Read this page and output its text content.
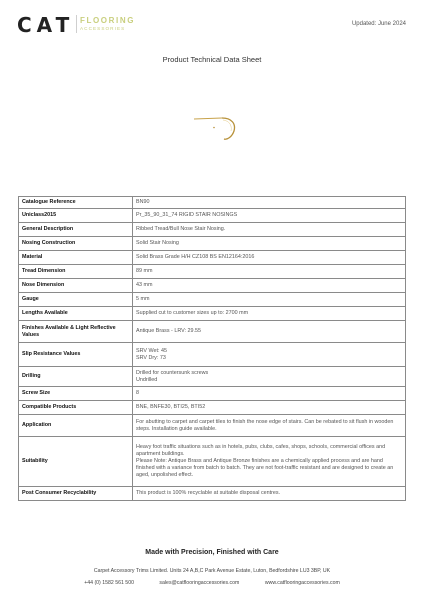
CAT FLOORING
ACCESSORIES
Updated: June 2024
Product Technical Data Sheet
Catalogue Reference	BN90

Uniclass2015	Pr_35_90_31_74 RIGID STAIR NOSINGS

General Description	Ribbed Tread/Bull Nose Stair Nosing.

Nosing Construction	Solid Stair Nosing

Material	Solid Brass Grade H/H CZ108 BS EN12164:2016

Tread Dimension	89 mm

Nose Dimension	43 mm

Gauge	5 mm

Lengths Available	Supplied cut to customer sizes up to: 2700 mm

Finishes Available & Light Reflective Values	Antique Brass - LRV: 29.55

Slip Resistance Values	SRV Wet: 45
SRV Dry: 73

Drilling	Drilled for countersunk screws
Undrilled

Screw Size	8

Compatible Products	BNE, BNFE30, BTI25, BTI52

Application	For abutting to carpet and carpet tiles to finish the nose edge of stairs. Can be rebated to sit flush in wooden steps. Installation guide available.

Suitability	Heavy foot traffic situations such as in hotels, pubs, clubs, cafes, shops, schools, commercial offices and apartment buildings.
Please Note: Antique Brass and Antique Bronze finishes are a chemically applied process and are hand finished with a variance from batch to batch. They are not foot-traffic resistant and are designed to create an aged, unpolished effect.

Post Consumer Recyclability	This product is 100% recyclable at suitable disposal centres.
Made with Precision, Finished with Care
Carpet Accessory Trims Limited. Units 24 A,B,C Park Avenue Estate, Luton, Bedfordshire LU3 3BP, UK
+44 (0) 1582 561 500	sales@catflooringaccessories.com	www.catflooringaccessories.com
